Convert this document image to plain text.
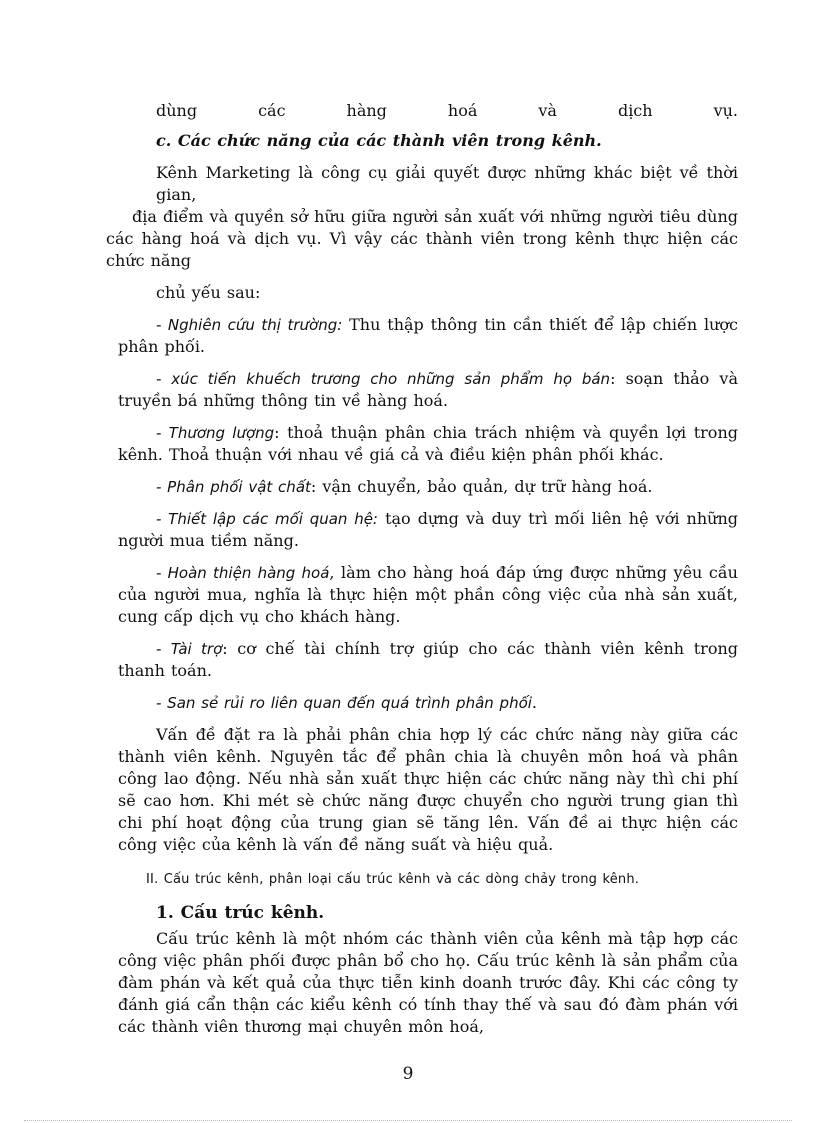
dùng các hàng hoá và dịch vụ.

c. Các chức năng của các thành viên trong kênh.

Kênh Marketing là công cụ giải quyết được những khác biệt về thời gian,

địa điểm và quyền sở hữu giữa người sản xuất với những người tiêu dùng các hàng hoá và dịch vụ. Vì vậy các thành viên trong kênh thực hiện các chức năng

chủ yếu sau:

- Nghiên cứu thị trường: Thu thập thông tin cần thiết để lập chiến lược phân phối.

- xúc tiến khuếch trương cho những sản phẩm họ bán: soạn thảo và truyền bá những thông tin về hàng hoá.

- Thương lượng: thoả thuận phân chia trách nhiệm và quyền lợi trong kênh. Thoả thuận với nhau về giá cả và điều kiện phân phối khác.

- Phân phối vật chất: vận chuyển, bảo quản, dự trữ hàng hoá.

- Thiết lập các mối quan hệ: tạo dựng và duy trì mối liên hệ với những người mua tiềm năng.

- Hoàn thiện hàng hoá, làm cho hàng hoá đáp ứng được những yêu cầu của người mua, nghĩa là thực hiện một phần công việc của nhà sản xuất, cung cấp dịch vụ cho khách hàng.

- Tài trợ: cơ chế tài chính trợ giúp cho các thành viên kênh trong thanh toán.

- San sẻ rủi ro liên quan đến quá trình phân phối.

Vấn đề đặt ra là phải phân chia hợp lý các chức năng này giữa các thành viên kênh. Nguyên tắc để phân chia là chuyên môn hoá và phân công lao động. Nếu nhà sản xuất thực hiện các chức năng này thì chi phí sẽ cao hơn. Khi mét sè chức năng được chuyển cho người trung gian thì chi phí hoạt động của trung gian sẽ tăng lên. Vấn đề ai thực hiện các công việc của kênh là vấn đề năng suất và hiệu quả.

II. Cấu trúc kênh, phân loại cấu trúc kênh và các dòng chảy trong kênh.

1. Cấu trúc kênh.

Cấu trúc kênh là một nhóm các thành viên của kênh mà tập hợp các công việc phân phối được phân bổ cho họ. Cấu trúc kênh là sản phẩm của đàm phán và kết quả của thực tiễn kinh doanh trước đây. Khi các công ty đánh giá cẩn thận các kiểu kênh có tính thay thế và sau đó đàm phán với các thành viên thương mại chuyên môn hoá,

9
